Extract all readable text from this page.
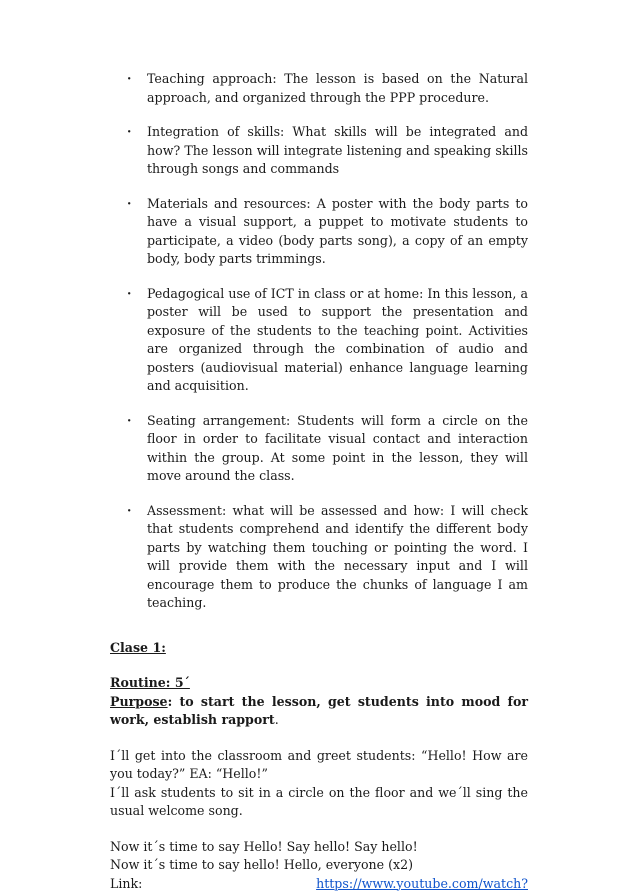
· Teaching approach: The lesson is based on the Natural approach, and organized through the PPP procedure.
· Integration of skills: What skills will be integrated and how? The lesson will integrate listening and speaking skills through songs and commands
· Materials and resources: A poster with the body parts to have a visual support, a puppet to motivate students to participate, a video (body parts song), a copy of an empty body, body parts trimmings.
· Pedagogical use of ICT in class or at home: In this lesson, a poster will be used to support the presentation and exposure of the students to the teaching point. Activities are organized through the combination of audio and posters (audiovisual material) enhance language learning and acquisition.
· Seating arrangement: Students will form a circle on the floor in order to facilitate visual contact and interaction within the group. At some point in the lesson, they will move around the class.
· Assessment: what will be assessed and how: I will check that students comprehend and identify the different body parts by watching them touching or pointing the word. I will provide them with the necessary input and I will encourage them to produce the chunks of language I am teaching.
Clase 1:
Routine: 5´
Purpose: to start the lesson, get students into mood for work, establish rapport.
I´ll get into the classroom and greet students: “Hello! How are you today?” EA: “Hello!”
I´ll ask students to sit in a circle on the floor and we´ll sing the usual welcome song.
Now it´s time to say Hello! Say hello! Say hello!
Now it´s time to say hello! Hello, everyone (x2)
Link:	https://www.youtube.com/watch?
